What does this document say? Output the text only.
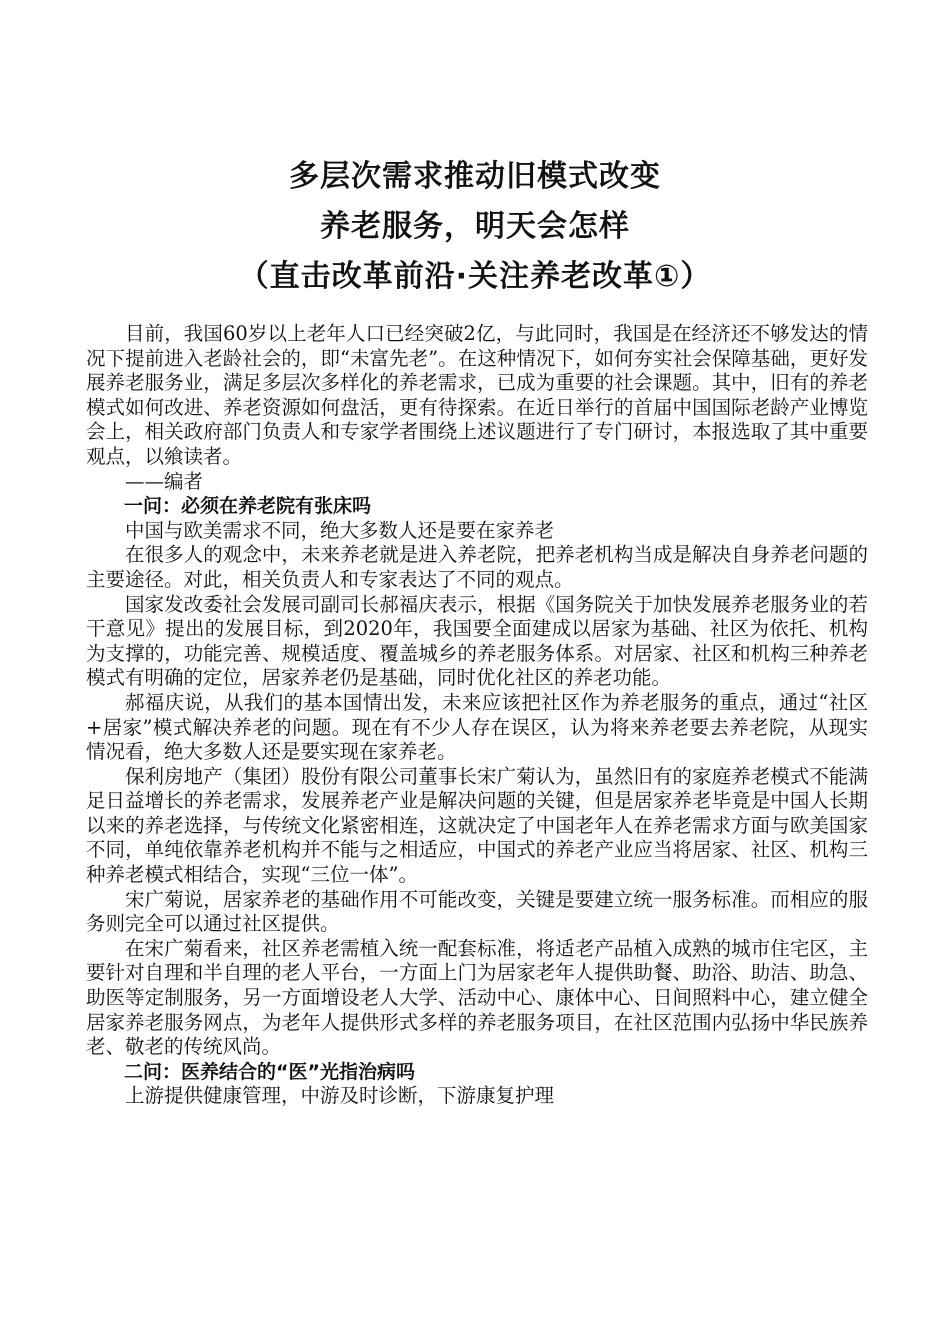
多层次需求推动旧模式改变
养老服务，明天会怎样
（直击改革前沿·关注养老改革①）

目前，我国60岁以上老年人口已经突破2亿，与此同时，我国是在经济还不够发达的情况下提前进入老龄社会的，即“未富先老”。在这种情况下，如何夯实社会保障基础，更好发展养老服务业，满足多层次多样化的养老需求，已成为重要的社会课题。其中，旧有的养老模式如何改进、养老资源如何盘活，更有待探索。在近日举行的首届中国国际老龄产业博览会上，相关政府部门负责人和专家学者围绕上述议题进行了专门研讨，本报选取了其中重要观点，以飨读者。

——编者

一问：必须在养老院有张床吗

中国与欧美需求不同，绝大多数人还是要在家养老

在很多人的观念中，未来养老就是进入养老院，把养老机构当成是解决自身养老问题的主要途径。对此，相关负责人和专家表达了不同的观点。

国家发改委社会发展司副司长郝福庆表示，根据《国务院关于加快发展养老服务业的若干意见》提出的发展目标，到2020年，我国要全面建成以居家为基础、社区为依托、机构为支撑的，功能完善、规模适度、覆盖城乡的养老服务体系。对居家、社区和机构三种养老模式有明确的定位，居家养老仍是基础，同时优化社区的养老功能。

郝福庆说，从我们的基本国情出发，未来应该把社区作为养老服务的重点，通过“社区+居家”模式解决养老的问题。现在有不少人存在误区，认为将来养老要去养老院，从现实情况看，绝大多数人还是要实现在家养老。

保利房地产（集团）股份有限公司董事长宋广菊认为，虽然旧有的家庭养老模式不能满足日益增长的养老需求，发展养老产业是解决问题的关键，但是居家养老毕竟是中国人长期以来的养老选择，与传统文化紧密相连，这就决定了中国老年人在养老需求方面与欧美国家不同，单纯依靠养老机构并不能与之相适应，中国式的养老产业应当将居家、社区、机构三种养老模式相结合，实现“三位一体”。

宋广菊说，居家养老的基础作用不可能改变，关键是要建立统一服务标准。而相应的服务则完全可以通过社区提供。

在宋广菊看来，社区养老需植入统一配套标准，将适老产品植入成熟的城市住宅区，主要针对自理和半自理的老人平台，一方面上门为居家老年人提供助餐、助浴、助洁、助急、助医等定制服务，另一方面增设老人大学、活动中心、康体中心、日间照料中心，建立健全居家养老服务网点，为老年人提供形式多样的养老服务项目，在社区范围内弘扬中华民族养老、敬老的传统风尚。

二问：医养结合的“医”光指治病吗

上游提供健康管理，中游及时诊断，下游康复护理
